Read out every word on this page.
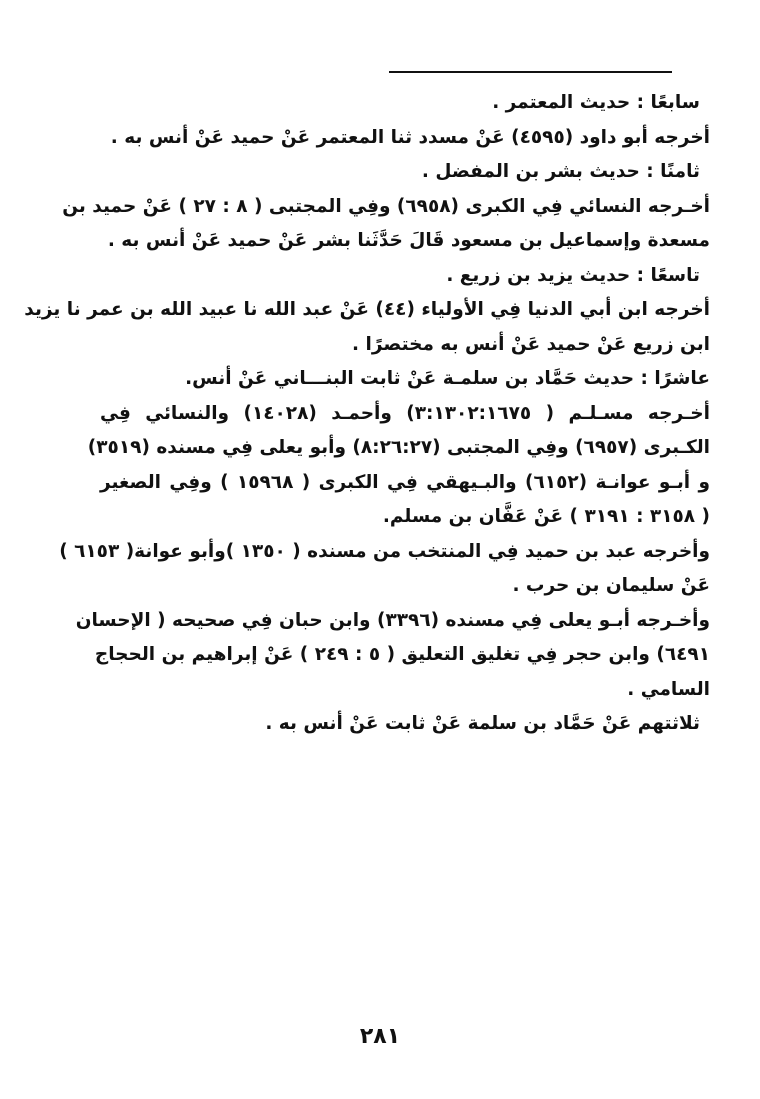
سابعًا : حديث المعتمر .
أخرجه أبو داود (٤٥٩٥) عَنْ مسدد ثنا المعتمر عَنْ حميد عَنْ أنس به .
ثامنًا : حديث بشر بن المفضل .
أخـرجه النسائي فِي الكبرى (٦٩٥٨) وفِي المجتبى ( ٨ : ٢٧ ) عَنْ حميد بن
مسعدة وإسماعيل بن مسعود قَالَ حَدَّثَنا بشر عَنْ حميد عَنْ أنس به .
تاسعًا : حديث يزيد بن زريع .
أخرجه ابن أبي الدنيا فِي الأولياء (٤٤) عَنْ عبد الله نا عبيد الله بن عمر نا يزيد
ابن زريع عَنْ حميد عَنْ أنس به مختصرًا .
عاشرًا : حديث حَمَّاد بن سلمـة عَنْ ثابت البنـــاني عَنْ أنس.
أخـرجه مسـلـم ( ٣:١٣٠٢:١٦٧٥) وأحمـد (١٤٠٢٨) والنسائي فِي
الكـبرى (٦٩٥٧) وفِي المجتبى (٨:٢٦:٢٧) وأبو يعلى فِي مسنده (٣٥١٩)
و أبـو عوانـة (٦١٥٢) والبـيهقي فِي الكبرى ( ١٥٩٦٨ ) وفِي الصغير
( ٣١٥٨ : ٣١٩١ ) عَنْ عَفَّان بن مسلم.
وأخرجه عبد بن حميد فِي المنتخب من مسنده ( ١٣٥٠ )وأبو عوانة( ٦١٥٣ )
عَنْ سليمان بن حرب .
وأخـرجه أبـو يعلى فِي مسنده (٣٣٩٦) وابن حبان فِي صحيحه ( الإحسان
٦٤٩١) وابن حجر فِي تغليق التعليق ( ٥ : ٢٤٩ ) عَنْ إبراهيم بن الحجاج
السامي .
ثلاثتهم عَنْ حَمَّاد بن سلمة عَنْ ثابت عَنْ أنس به .
٢٨١
